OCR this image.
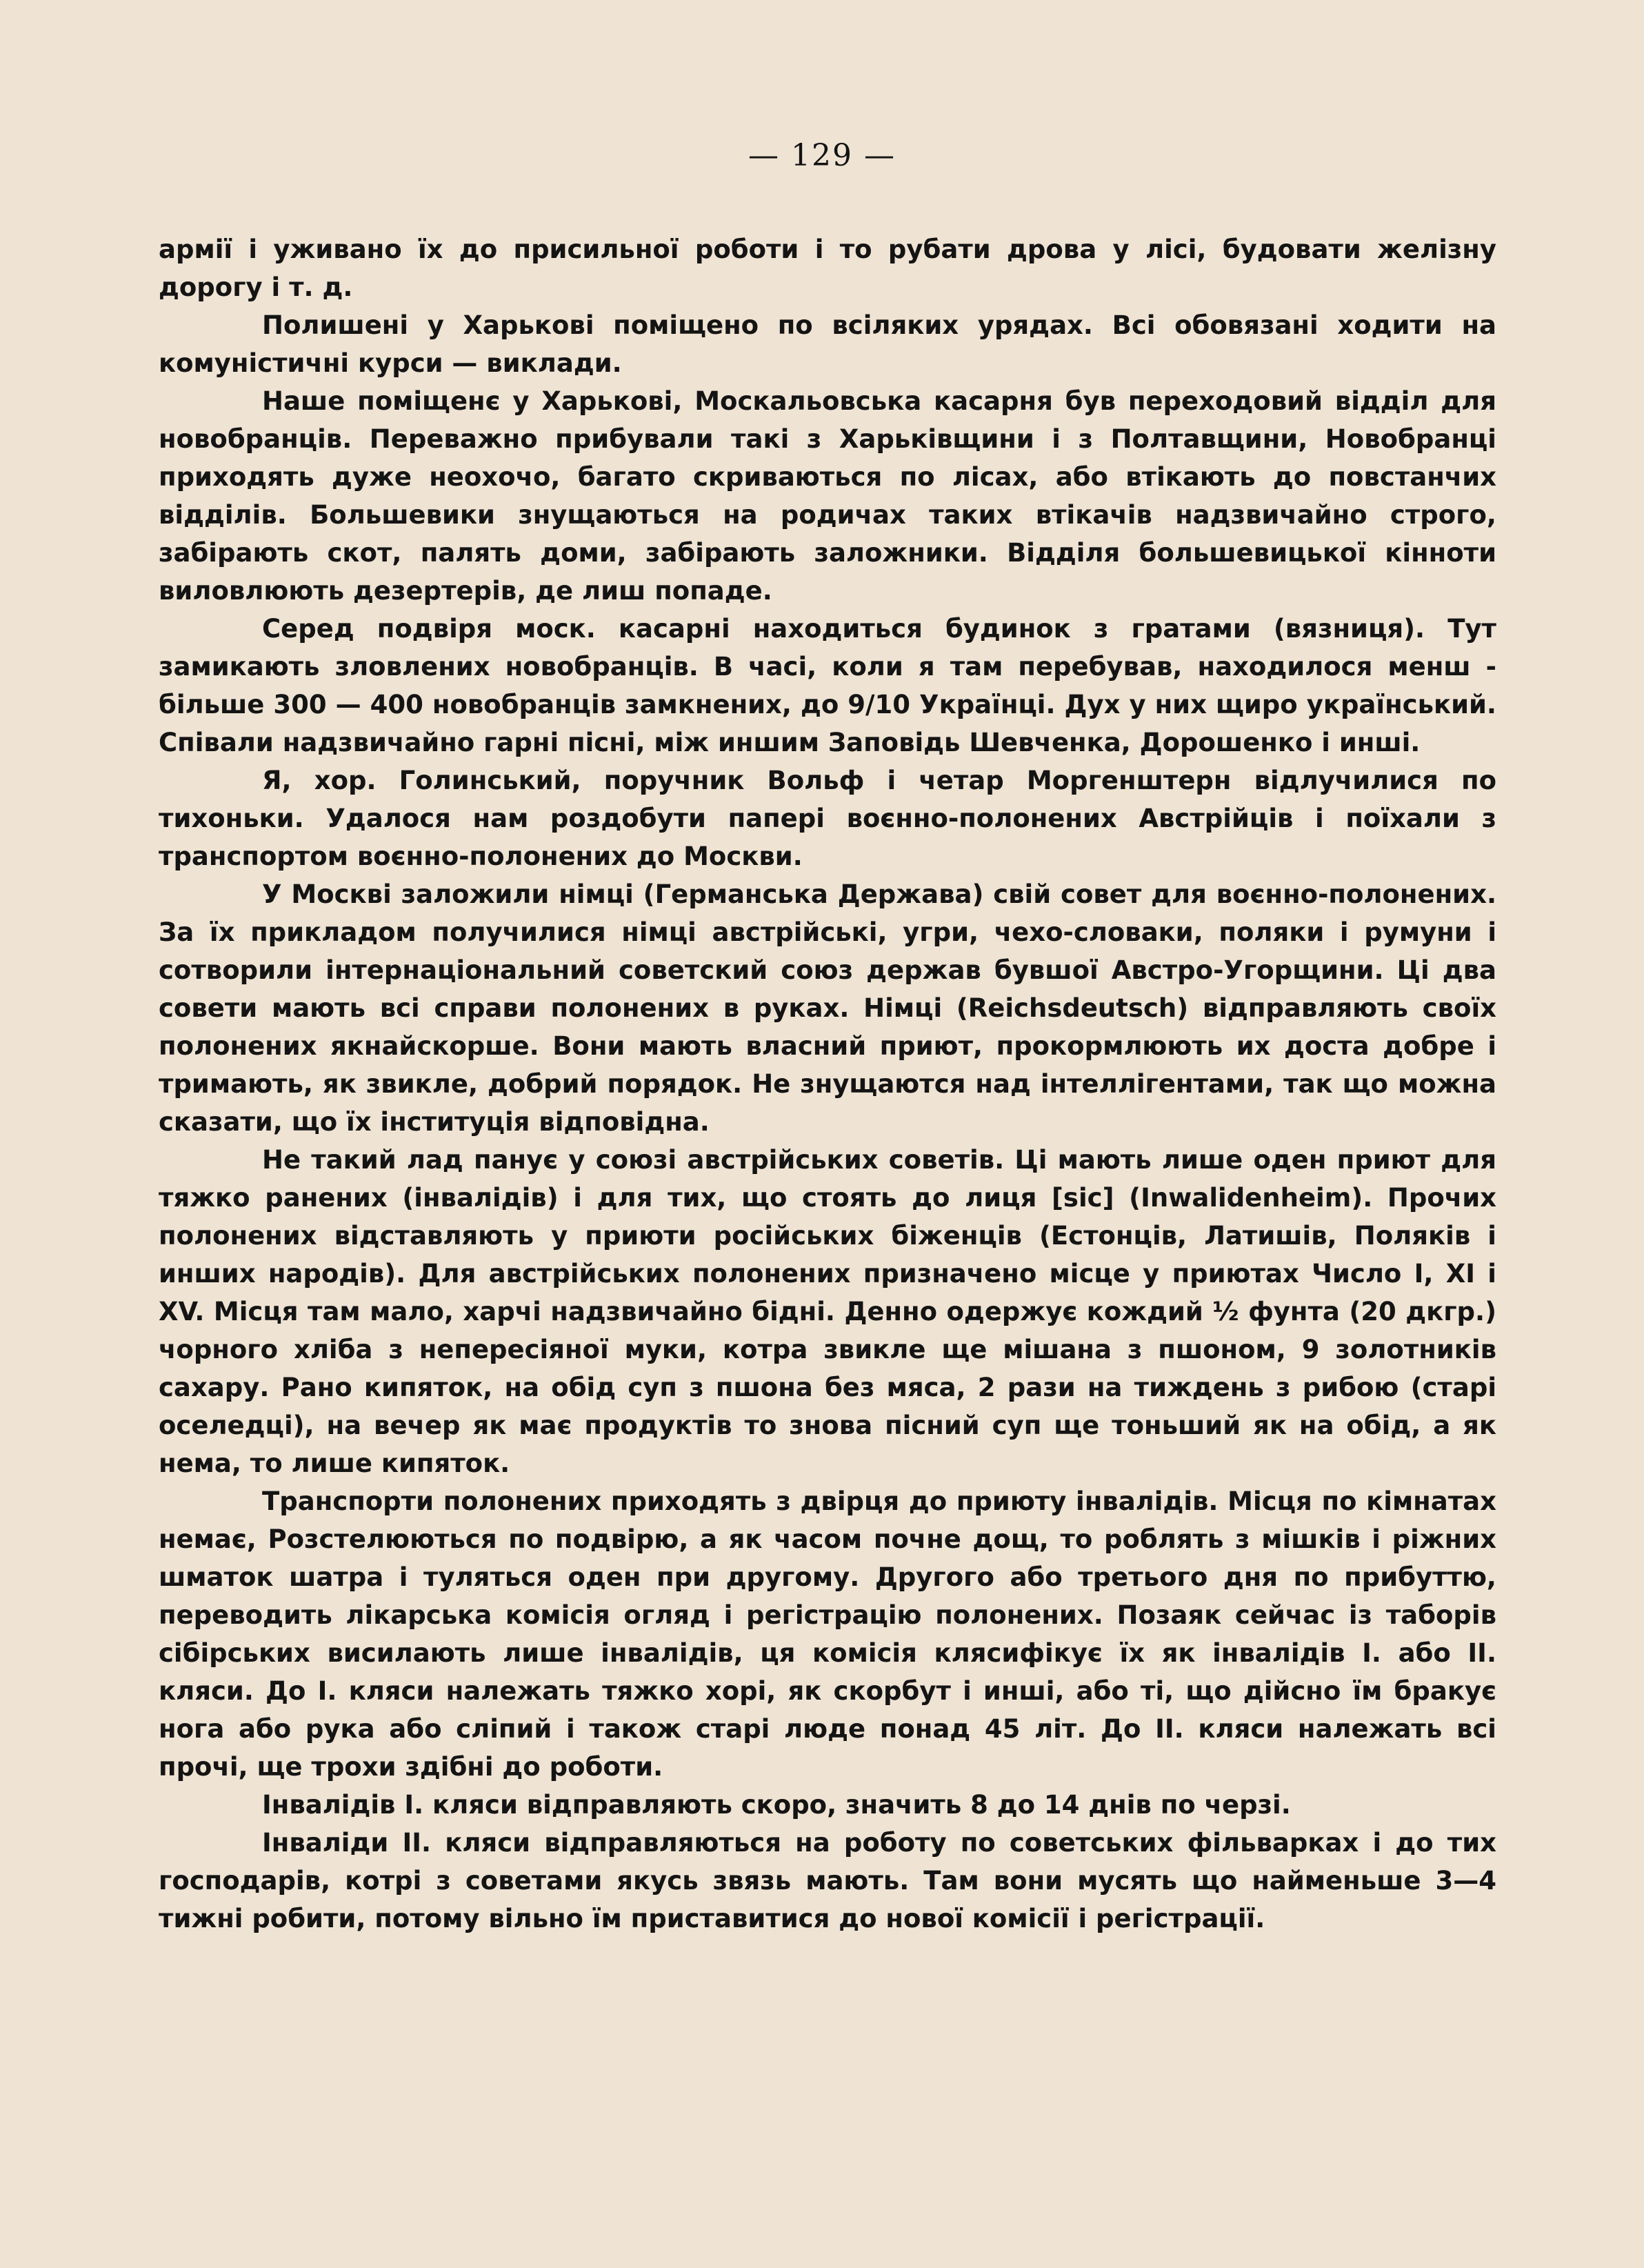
— 129 —

армії і уживано їх до присильної роботи і то рубати дрова у лісі, будовати желізну дорогу і т. д.

Полишені у Харькові поміщено по всіляких урядах. Всі обовязані ходити на комуністичні курси — виклади.

Наше поміщенє у Харькові, Москальовська касарня був переходовий відділ для новобранців. Переважно прибували такі з Харьківщини і з Полтавщини, Новобранці приходять дуже неохочо, багато скриваються по лісах, або втікають до повстанчих відділів. Большевики знущаються на родичах таких втікачів надзвичайно строго, забірають скот, палять доми, забірають заложники. Відділя большевицької кінноти виловлюють дезертерів, де лиш попаде.

Серед подвіря моск. касарні находиться будинок з гратами (вязниця). Тут замикають зловлених новобранців. В часі, коли я там перебував, находилося менш - більше 300 — 400 новобранців замкнених, до 9/10 Українці. Дух у них щиро український. Співали надзвичайно гарні пісні, між иншим Заповідь Шевченка, Дорошенко і инші.

Я, хор. Голинський, поручник Вольф і четар Моргенштерн відлучилися по тихоньки. Удалося нам роздобути папері воєнно-полонених Австрійців і поїхали з транспортом воєнно-полонених до Москви.

У Москві заложили німці (Германська Держава) свій совет для воєнно-полонених. За їх прикладом получилися німці австрійські, угри, чехо-словаки, поляки і румуни і сотворили інтернаціональний советский союз держав бувшої Австро-Угорщини. Ці два совети мають всі справи полонених в руках. Німці (Reichsdeutsch) відправляють своїх полонених якнайскорше. Вони мають власний приют, прокормлюють их доста добре і тримають, як звикле, добрий порядок. Не знущаются над інтеллігентами, так що можна сказати, що їх інституція відповідна.

Не такий лад панує у союзі австрійських советів. Ці мають лише оден приют для тяжко ранених (інвалідів) і для тих, що стоять до лиця [sic] (Inwalidenheim). Прочих полонених відставляють у приюти російських біженців (Естонців, Латишів, Поляків і инших народів). Для австрійських полонених призначено місце у приютах Число I, XI і XV. Місця там мало, харчі надзвичайно бідні. Денно одержує кождий ½ фунта (20 дкгр.) чорного хліба з непересіяної муки, котра звикле ще мішана з пшоном, 9 золотників сахару. Рано кипяток, на обід суп з пшона без мяса, 2 рази на тиждень з рибою (старі оселедці), на вечер як має продуктів то знова пісний суп ще тоньший як на обід, а як нема, то лише кипяток.

Транспорти полонених приходять з двірця до приюту інвалідів. Місця по кімнатах немає, Розстелюються по подвірю, а як часом почне дощ, то роблять з мішків і ріжних шматок шатра і туляться оден при другому. Другого або третього дня по прибуттю, переводить лікарська комісія огляд і регістрацію полонених. Позаяк сейчас із таборів сібірських висилають лише інвалідів, ця комісія клясифікує їх як інвалідів І. або ІІ. кляси. До І. кляси належать тяжко хорі, як скорбут і инші, або ті, що дійсно їм бракує нога або рука або сліпий і також старі люде понад 45 літ. До ІІ. кляси належать всі прочі, ще трохи здібні до роботи.

Інвалідів І. кляси відправляють скоро, значить 8 до 14 днів по черзі.

Інваліди ІІ. кляси відправляються на роботу по советських фільварках і до тих господарів, котрі з советами якусь звязь мають. Там вони мусять що найменьше 3—4 тижні робити, потому вільно їм приставитися до нової комісії і регістрації.
